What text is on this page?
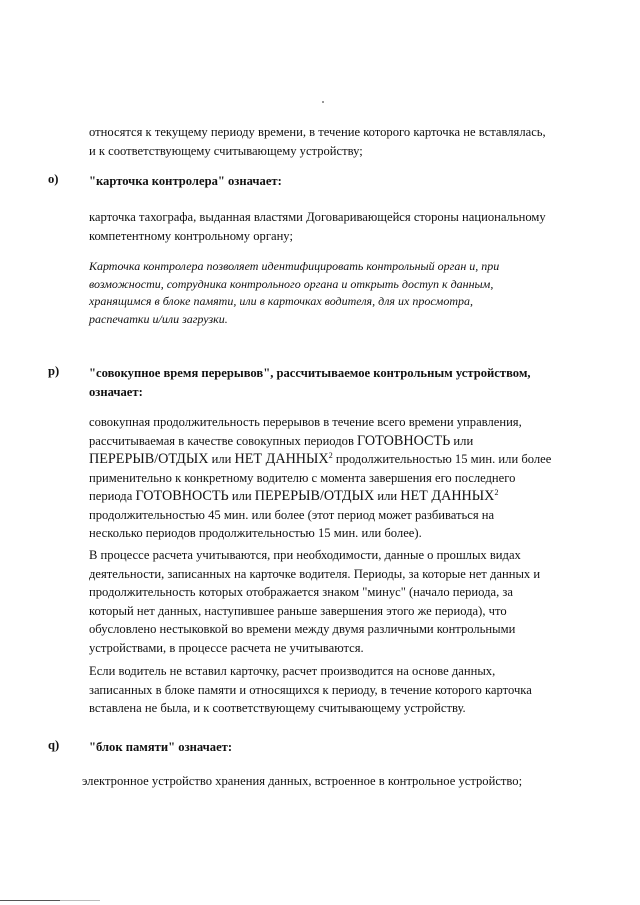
относятся к текущему периоду времени, в течение которого карточка не вставлялась,
и к соответствующему считывающему устройству;
o) "карточка контролера" означает:
карточка тахографа, выданная властями Договаривающейся стороны национальному
компетентному контрольному органу;
Карточка контролера позволяет идентифицировать контрольный орган и, при
возможности, сотрудника контрольного органа и открыть доступ к данным,
хранящимся в блоке памяти, или в карточках водителя, для их просмотра,
распечатки и/или загрузки.
p) "совокупное время перерывов", рассчитываемое контрольным устройством,
означает:
совокупная продолжительность перерывов в течение всего времени управления,
рассчитываемая в качестве совокупных периодов ГОТОВНОСТЬ или
ПЕРЕРЫВ/ОТДЫХ или НЕТ ДАННЫХ$^2$ продолжительностью 15 мин. или более
применительно к конкретному водителю с момента завершения его последнего
периода ГОТОВНОСТЬ или ПЕРЕРЫВ/ОТДЫХ или НЕТ ДАННЫХ$^2$
продолжительностью 45 мин. или более (этот период может разбиваться на
несколько периодов продолжительностью 15 мин. или более).
В процессе расчета учитываются, при необходимости, данные о прошлых видах
деятельности, записанных на карточке водителя. Периоды, за которые нет данных и
продолжительность которых отображается знаком "минус" (начало периода, за
который нет данных, наступившее раньше завершения этого же периода), что
обусловлено нестыковкой во времени между двумя различными контрольными
устройствами, в процессе расчета не учитываются.
Если водитель не вставил карточку, расчет производится на основе данных,
записанных в блоке памяти и относящихся к периоду, в течение которого карточка
вставлена не была, и к соответствующему считывающему устройству.
q) "блок памяти" означает:
электронное устройство хранения данных, встроенное в контрольное устройство;
